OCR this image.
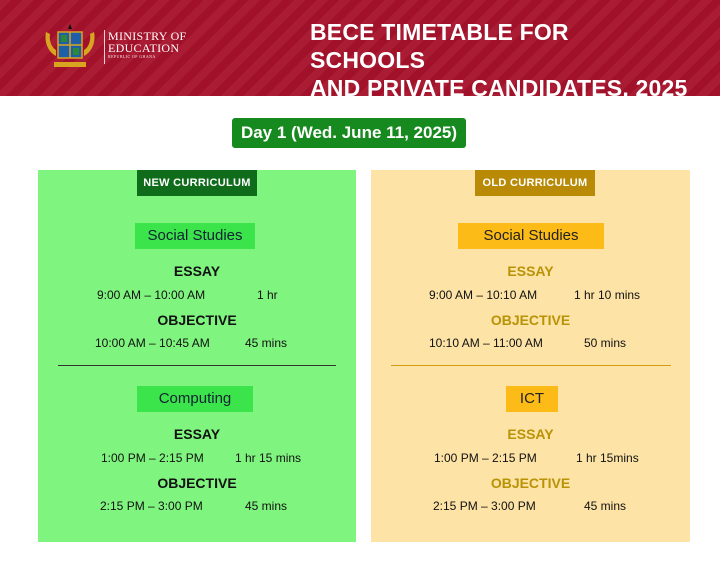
MINISTRY OF
EDUCATION
REPUBLIC OF GHANA
BECE TIMETABLE FOR SCHOOLS
AND PRIVATE CANDIDATES, 2025
Day 1 (Wed. June 11, 2025)
NEW CURRICULUM
Social Studies
ESSAY
9:00 AM – 10:00 AM	1 hr
OBJECTIVE
10:00 AM – 10:45 AM	45 mins
Computing
ESSAY
1:00 PM – 2:15 PM	1 hr 15 mins
OBJECTIVE
2:15 PM – 3:00 PM	45 mins
OLD CURRICULUM
Social Studies
ESSAY
9:00 AM – 10:10 AM	1 hr 10 mins
OBJECTIVE
10:10 AM – 11:00 AM	50 mins
ICT
ESSAY
1:00 PM – 2:15 PM	1 hr 15mins
OBJECTIVE
2:15 PM – 3:00 PM	45 mins
